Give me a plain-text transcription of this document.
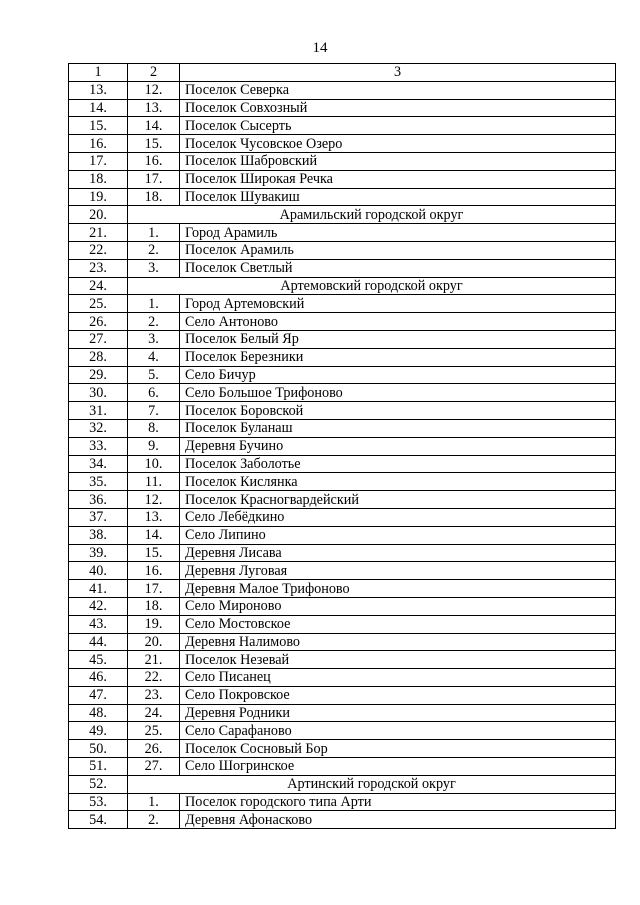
14
1	2	3
13.	12.	Поселок Северка
14.	13.	Поселок Совхозный
15.	14.	Поселок Сысерть
16.	15.	Поселок Чусовское Озеро
17.	16.	Поселок Шабровский
18.	17.	Поселок Широкая Речка
19.	18.	Поселок Шувакиш
20.	Арамильский городской округ	
21.	1.	Город Арамиль
22.	2.	Поселок Арамиль
23.	3.	Поселок Светлый
24.	Артемовский городской округ	
25.	1.	Город Артемовский
26.	2.	Село Антоново
27.	3.	Поселок Белый Яр
28.	4.	Поселок Березники
29.	5.	Село Бичур
30.	6.	Село Большое Трифоново
31.	7.	Поселок Боровской
32.	8.	Поселок Буланаш
33.	9.	Деревня Бучино
34.	10.	Поселок Заболотье
35.	11.	Поселок Кислянка
36.	12.	Поселок Красногвардейский
37.	13.	Село Лебёдкино
38.	14.	Село Липино
39.	15.	Деревня Лисава
40.	16.	Деревня Луговая
41.	17.	Деревня Малое Трифоново
42.	18.	Село Мироново
43.	19.	Село Мостовское
44.	20.	Деревня Налимово
45.	21.	Поселок Незевай
46.	22.	Село Писанец
47.	23.	Село Покровское
48.	24.	Деревня Родники
49.	25.	Село Сарафаново
50.	26.	Поселок Сосновый Бор
51.	27.	Село Шогринское
52.	Артинский городской округ	
53.	1.	Поселок городского типа Арти
54.	2.	Деревня Афонасково
